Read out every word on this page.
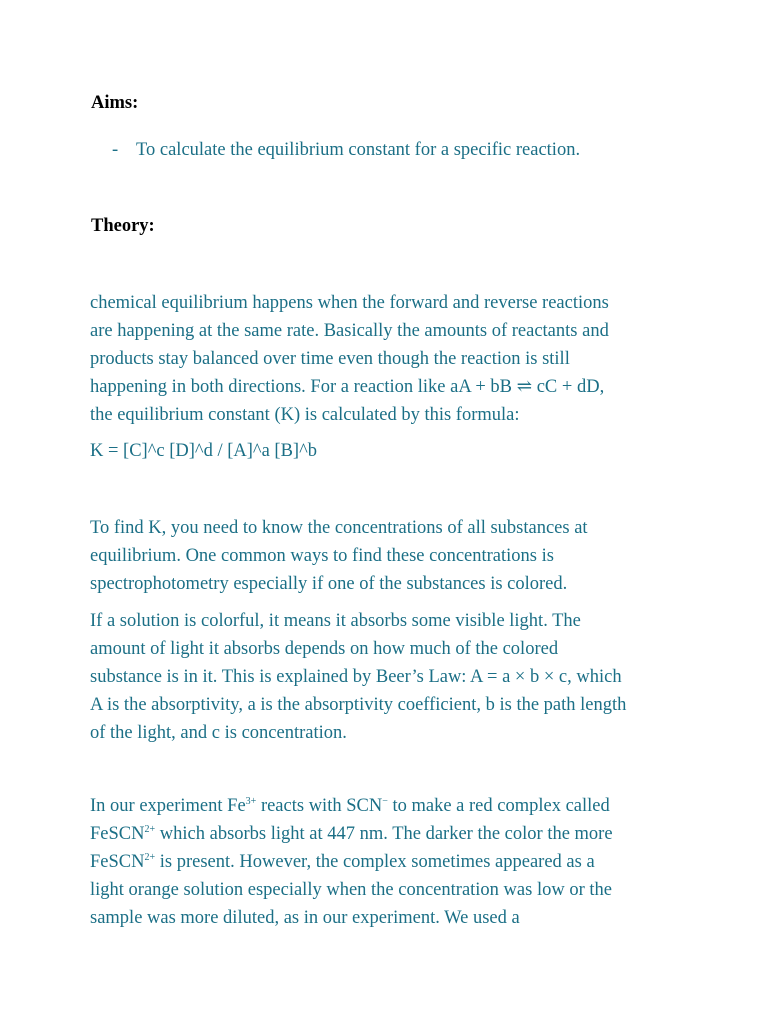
Aims:
- To calculate the equilibrium constant for a specific reaction.
Theory:

chemical equilibrium happens when the forward and reverse reactions
are happening at the same rate. Basically the amounts of reactants and
products stay balanced over time even though the reaction is still
happening in both directions. For a reaction like aA + bB ⇌ cC + dD,
the equilibrium constant (K) is calculated by this formula:

K = [C]^c [D]^d / [A]^a [B]^b

To find K, you need to know the concentrations of all substances at
equilibrium. One common ways to find these concentrations is
spectrophotometry especially if one of the substances is colored.

If a solution is colorful, it means it absorbs some visible light. The
amount of light it absorbs depends on how much of the colored
substance is in it. This is explained by Beer’s Law: A = a × b × c, which
A is the absorptivity, a is the absorptivity coefficient, b is the path length
of the light, and c is concentration.

In our experiment $Fe^{3+}$ reacts with SCN− to make a red complex called
FeSCN$^{2+}$ which absorbs light at 447 nm. The darker the color the more
FeSCN$^{2+}$ is present. However, the complex sometimes appeared as a
light orange solution especially when the concentration was low or the
sample was more diluted, as in our experiment. We used a
